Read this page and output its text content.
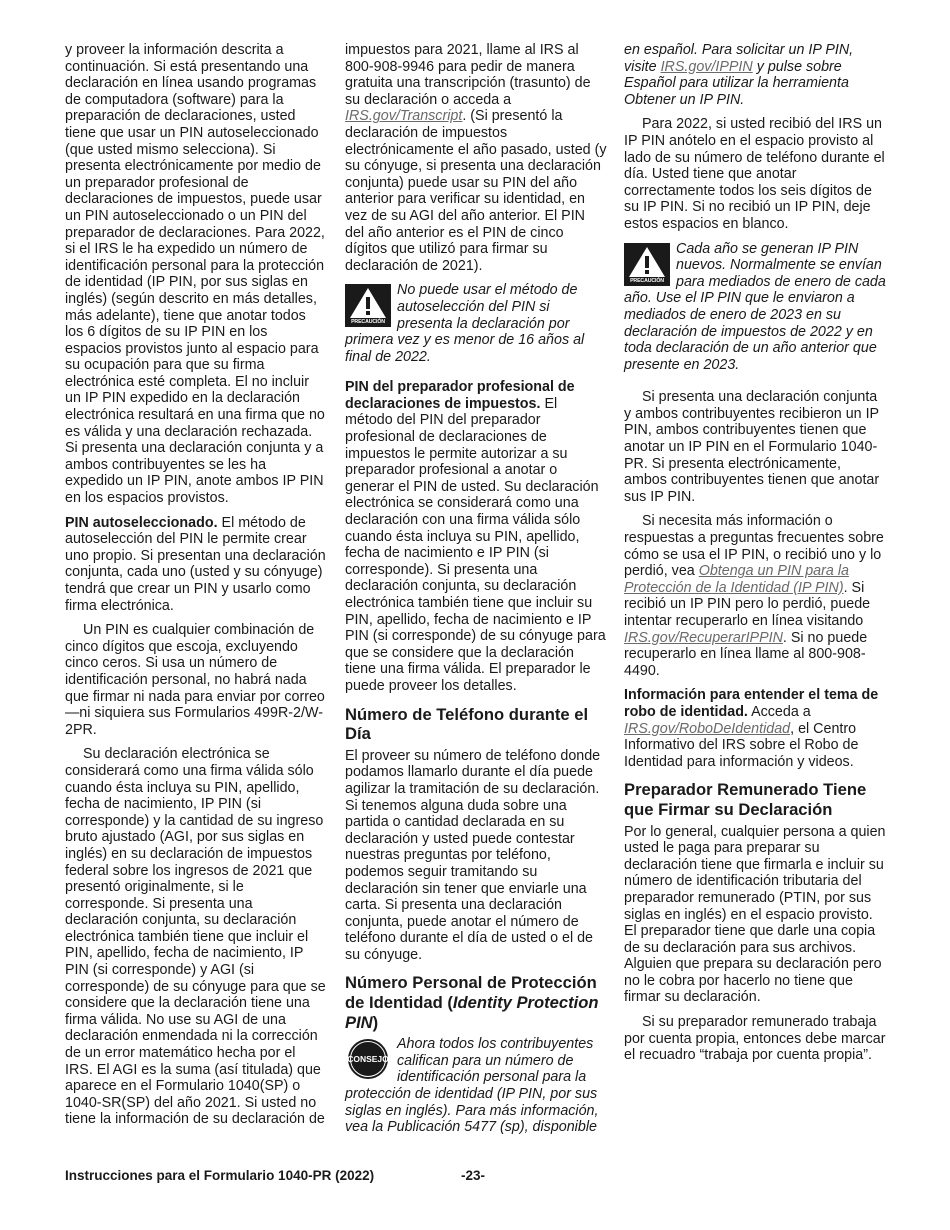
y proveer la información descrita a continuación. Si está presentando una declaración en línea usando programas de computadora (software) para la preparación de declaraciones, usted tiene que usar un PIN autoseleccionado (que usted mismo selecciona). Si presenta electrónicamente por medio de un preparador profesional de declaraciones de impuestos, puede usar un PIN autoseleccionado o un PIN del preparador de declaraciones. Para 2022, si el IRS le ha expedido un número de identificación personal para la protección de identidad (IP PIN, por sus siglas en inglés) (según descrito en más detalles, más adelante), tiene que anotar todos los 6 dígitos de su IP PIN en los espacios provistos junto al espacio para su ocupación para que su firma electrónica esté completa. El no incluir un IP PIN expedido en la declaración electrónica resultará en una firma que no es válida y una declaración rechazada. Si presenta una declaración conjunta y a ambos contribuyentes se les ha expedido un IP PIN, anote ambos IP PIN en los espacios provistos.

PIN autoseleccionado. El método de autoselección del PIN le permite crear uno propio. Si presentan una declaración conjunta, cada uno (usted y su cónyuge) tendrá que crear un PIN y usarlo como firma electrónica.

Un PIN es cualquier combinación de cinco dígitos que escoja, excluyendo cinco ceros. Si usa un número de identificación personal, no habrá nada que firmar ni nada para enviar por correo —ni siquiera sus Formularios 499R-2/W-2PR.

Su declaración electrónica se considerará como una firma válida sólo cuando ésta incluya su PIN, apellido, fecha de nacimiento, IP PIN (si corresponde) y la cantidad de su ingreso bruto ajustado (AGI, por sus siglas en inglés) en su declaración de impuestos federal sobre los ingresos de 2021 que presentó originalmente, si le corresponde. Si presenta una declaración conjunta, su declaración electrónica también tiene que incluir el PIN, apellido, fecha de nacimiento, IP PIN (si corresponde) y AGI (si corresponde) de su cónyuge para que se considere que la declaración tiene una firma válida. No use su AGI de una declaración enmendada ni la corrección de un error matemático hecha por el IRS. El AGI es la suma (así titulada) que aparece en el Formulario 1040(SP) o 1040-SR(SP) del año 2021. Si usted no tiene la información de su declaración de

impuestos para 2021, llame al IRS al 800-908-9946 para pedir de manera gratuita una transcripción (trasunto) de su declaración o acceda a IRS.gov/Transcript. (Si presentó la declaración de impuestos electrónicamente el año pasado, usted (y su cónyuge, si presenta una declaración conjunta) puede usar su PIN del año anterior para verificar su identidad, en vez de su AGI del año anterior. El PIN del año anterior es el PIN de cinco dígitos que utilizó para firmar su declaración de 2021).

PRECAUCIÓN
No puede usar el método de autoselección del PIN si presenta la declaración por primera vez y es menor de 16 años al final de 2022.

PIN del preparador profesional de declaraciones de impuestos. El método del PIN del preparador profesional de declaraciones de impuestos le permite autorizar a su preparador profesional a anotar o generar el PIN de usted. Su declaración electrónica se considerará como una declaración con una firma válida sólo cuando ésta incluya su PIN, apellido, fecha de nacimiento e IP PIN (si corresponde). Si presenta una declaración conjunta, su declaración electrónica también tiene que incluir su PIN, apellido, fecha de nacimiento e IP PIN (si corresponde) de su cónyuge para que se considere que la declaración tiene una firma válida. El preparador le puede proveer los detalles.

Número de Teléfono durante el Día

El proveer su número de teléfono donde podamos llamarlo durante el día puede agilizar la tramitación de su declaración. Si tenemos alguna duda sobre una partida o cantidad declarada en su declaración y usted puede contestar nuestras preguntas por teléfono, podemos seguir tramitando su declaración sin tener que enviarle una carta. Si presenta una declaración conjunta, puede anotar el número de teléfono durante el día de usted o el de su cónyuge.

Número Personal de Protección de Identidad (Identity Protection PIN)
CONSEJO
Ahora todos los contribuyentes califican para un número de identificación personal para la protección de identidad (IP PIN, por sus siglas en inglés). Para más información, vea la Publicación 5477 (sp), disponible

en español. Para solicitar un IP PIN, visite IRS.gov/IPPIN y pulse sobre Español para utilizar la herramienta Obtener un IP PIN.

Para 2022, si usted recibió del IRS un IP PIN anótelo en el espacio provisto al lado de su número de teléfono durante el día. Usted tiene que anotar correctamente todos los seis dígitos de su IP PIN. Si no recibió un IP PIN, deje estos espacios en blanco.

PRECAUCIÓN
Cada año se generan IP PIN nuevos. Normalmente se envían para mediados de enero de cada año. Use el IP PIN que le enviaron a mediados de enero de 2023 en su declaración de impuestos de 2022 y en toda declaración de un año anterior que presente en 2023.

Si presenta una declaración conjunta y ambos contribuyentes recibieron un IP PIN, ambos contribuyentes tienen que anotar un IP PIN en el Formulario 1040-PR. Si presenta electrónicamente, ambos contribuyentes tienen que anotar sus IP PIN.

Si necesita más información o respuestas a preguntas frecuentes sobre cómo se usa el IP PIN, o recibió uno y lo perdió, vea Obtenga un PIN para la Protección de la Identidad (IP PIN). Si recibió un IP PIN pero lo perdió, puede intentar recuperarlo en línea visitando IRS.gov/RecuperarIPPIN. Si no puede recuperarlo en línea llame al 800-908-4490.

Información para entender el tema de robo de identidad. Acceda a IRS.gov/RoboDeIdentidad, el Centro Informativo del IRS sobre el Robo de Identidad para información y videos.

Preparador Remunerado Tiene que Firmar su Declaración

Por lo general, cualquier persona a quien usted le paga para preparar su declaración tiene que firmarla e incluir su número de identificación tributaria del preparador remunerado (PTIN, por sus siglas en inglés) en el espacio provisto. El preparador tiene que darle una copia de su declaración para sus archivos. Alguien que prepara su declaración pero no le cobra por hacerlo no tiene que firmar su declaración.

Si su preparador remunerado trabaja por cuenta propia, entonces debe marcar el recuadro “trabaja por cuenta propia”.

Instrucciones para el Formulario 1040-PR (2022)	-23-
